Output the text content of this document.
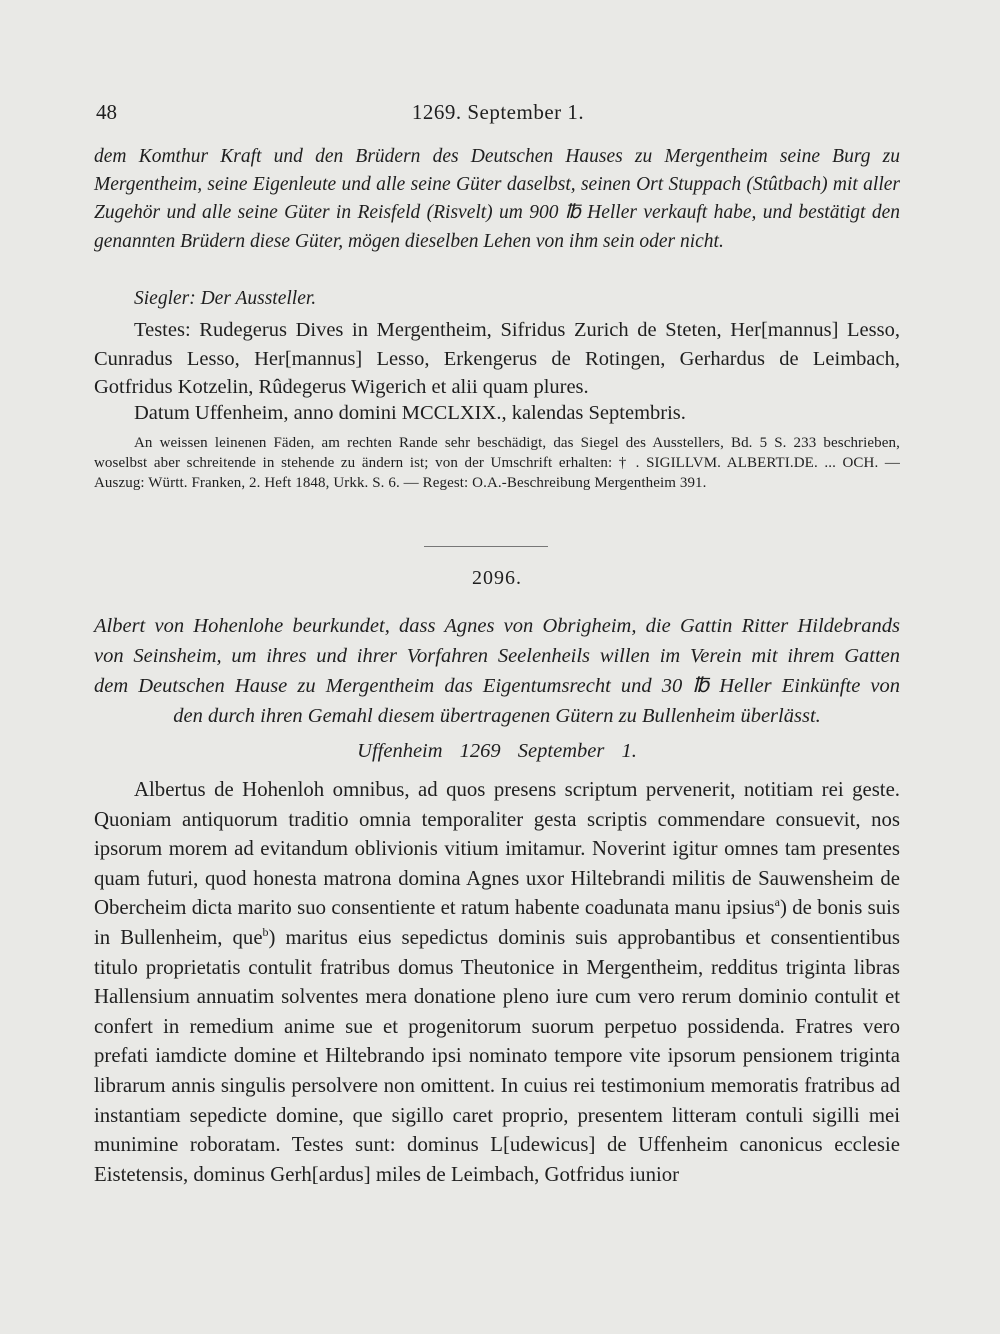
48	1269. September 1.
dem Komthur Kraft und den Brüdern des Deutschen Hauses zu Mergentheim seine Burg zu Mergentheim, seine Eigenleute und alle seine Güter daselbst, seinen Ort Stuppach (Stûtbach) mit aller Zugehör und alle seine Güter in Reisfeld (Risvelt) um 900 ℔ Heller verkauft habe, und bestätigt den genannten Brüdern diese Güter, mögen dieselben Lehen von ihm sein oder nicht.
Siegler: Der Aussteller.
Testes: Rudegerus Dives in Mergentheim, Sifridus Zurich de Steten, Her[mannus] Lesso, Cunradus Lesso, Her[mannus] Lesso, Erkengerus de Rotingen, Gerhardus de Leimbach, Gotfridus Kotzelin, Rûdegerus Wigerich et alii quam plures.
Datum Uffenheim, anno domini MCCLXIX., kalendas Septembris.
An weissen leinenen Fäden, am rechten Rande sehr beschädigt, das Siegel des Ausstellers, Bd. 5 S. 233 beschrieben, woselbst aber schreitende in stehende zu ändern ist; von der Umschrift erhalten: † . SIGILLVM. ALBERTI.DE. ... OCH. — Auszug: Württ. Franken, 2. Heft 1848, Urkk. S. 6. — Regest: O.A.-Beschreibung Mergentheim 391.
2096.
Albert von Hohenlohe beurkundet, dass Agnes von Obrigheim, die Gattin Ritter Hildebrands
von Seinsheim, um ihres und ihrer Vorfahren Seelenheils willen im Verein mit ihrem Gatten
dem Deutschen Hause zu Mergentheim das Eigentumsrecht und 30 ℔ Heller Einkünfte von
den durch ihren Gemahl diesem übertragenen Gütern zu Bullenheim überlässt.
Uffenheim 1269 September 1.
Albertus de Hohenloh omnibus, ad quos presens scriptum pervenerit, notitiam rei geste. Quoniam antiquorum traditio omnia temporaliter gesta scriptis commendare consuevit, nos ipsorum morem ad evitandum oblivionis vitium imitamur. Noverint igitur omnes tam presentes quam futuri, quod honesta matrona domina Agnes uxor Hiltebrandi militis de Sauwensheim de Obercheim dicta marito suo consentiente et ratum habente coadunata manu ipsius$^a$) de bonis suis in Bullenheim, que$^b$) maritus eius sepedictus dominis suis approbantibus et consentientibus titulo proprietatis contulit fratribus domus Theutonice in Mergentheim, redditus triginta libras Hallensium annuatim solventes mera donatione pleno iure cum vero rerum dominio contulit et confert in remedium anime sue et progenitorum suorum perpetuo possidenda. Fratres vero prefati iamdicte domine et Hiltebrando ipsi nominato tempore vite ipsorum pensionem triginta librarum annis singulis persolvere non omittent. In cuius rei testimonium memoratis fratribus ad instantiam sepedicte domine, que sigillo caret proprio, presentem litteram contuli sigilli mei munimine roboratam. Testes sunt: dominus L[udewicus] de Uffenheim canonicus ecclesie Eistetensis, dominus Gerh[ardus] miles de Leimbach, Gotfridus iunior
